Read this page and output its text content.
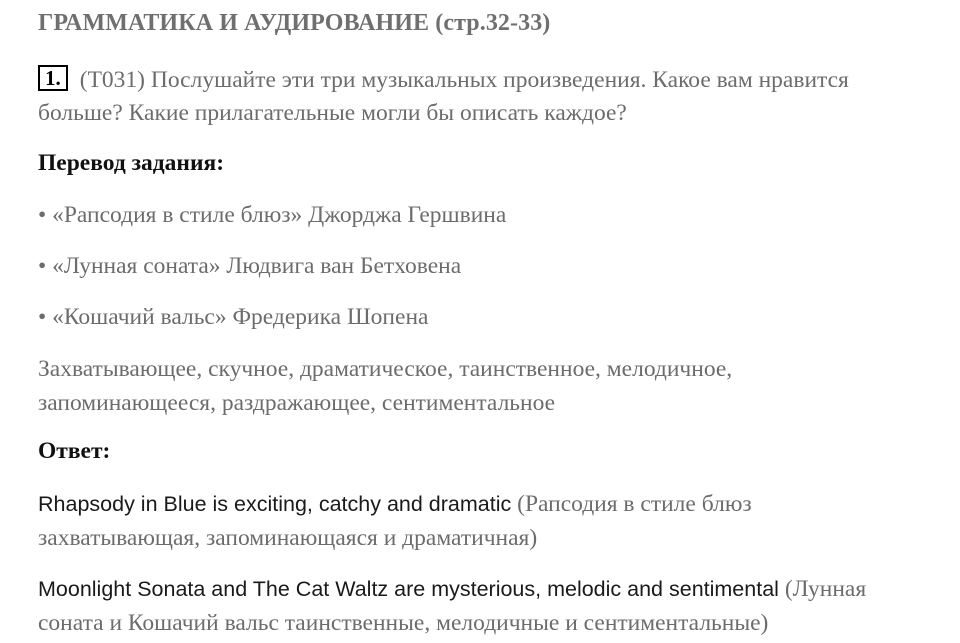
ГРАММАТИКА И АУДИРОВАНИЕ (стр.32-33)
1. (T031) Послушайте эти три музыкальных произведения. Какое вам нравится больше? Какие прилагательные могли бы описать каждое?
Перевод задания:
• «Рапсодия в стиле блюз» Джорджа Гершвина
• «Лунная соната» Людвига ван Бетховена
• «Кошачий вальс» Фредерика Шопена
Захватывающее, скучное, драматическое, таинственное, мелодичное, запоминающееся, раздражающее, сентиментальное
Ответ:
Rhapsody in Blue is exciting, catchy and dramatic (Рапсодия в стиле блюз захватывающая, запоминающаяся и драматичная)
Moonlight Sonata and The Cat Waltz are mysterious, melodic and sentimental (Лунная соната и Кошачий вальс таинственные, мелодичные и сентиментальные)
